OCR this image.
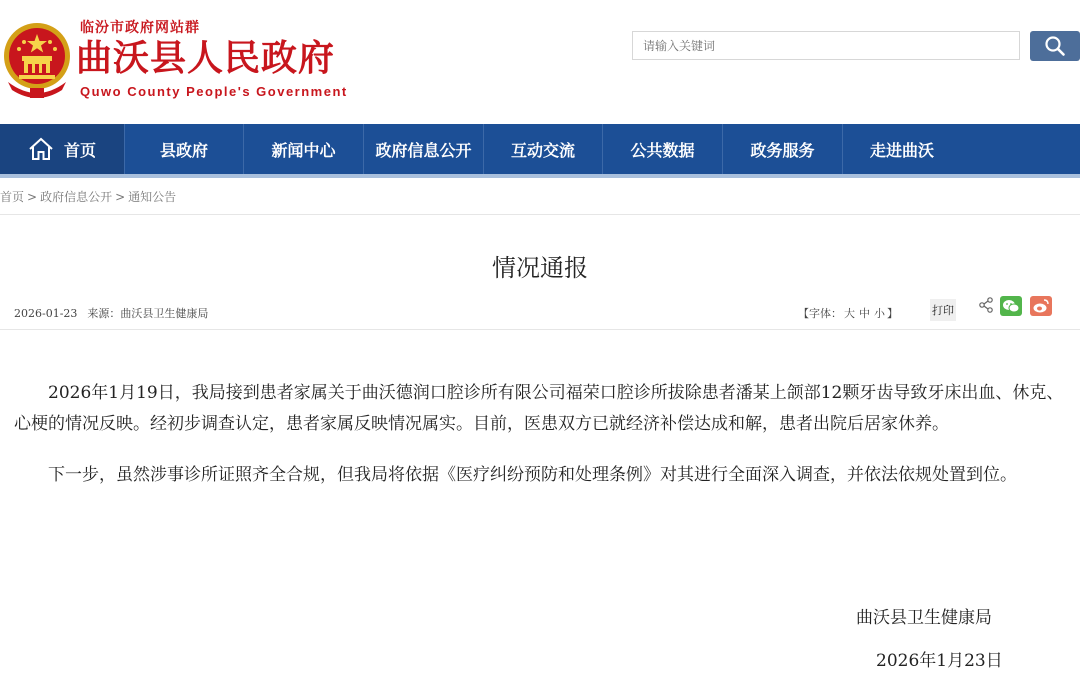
临汾市政府网站群
曲沃县人民政府
Quwo County People's Government
请输入关键词
首页	县政府	新闻中心 政府信息公开 互动交流	公共数据	政务服务	走进曲沃
首页 > 政府信息公开 > 通知公告
情况通报
2026-01-23 来源：曲沃县卫生健康局	【字体： 大 中 小 】	打印

2026年1月19日，我局接到患者家属关于曲沃德润口腔诊所有限公司福荣口腔诊所拔除患者潘某上颌部12颗牙齿导致牙床出血、休克、心梗的情况反映。经初步调查认定，患者家属反映情况属实。目前，医患双方已就经济补偿达成和解，患者出院后居家休养。

下一步，虽然涉事诊所证照齐全合规，但我局将依据《医疗纠纷预防和处理条例》对其进行全面深入调查，并依法依规处置到位。

曲沃县卫生健康局
2026年1月23日
